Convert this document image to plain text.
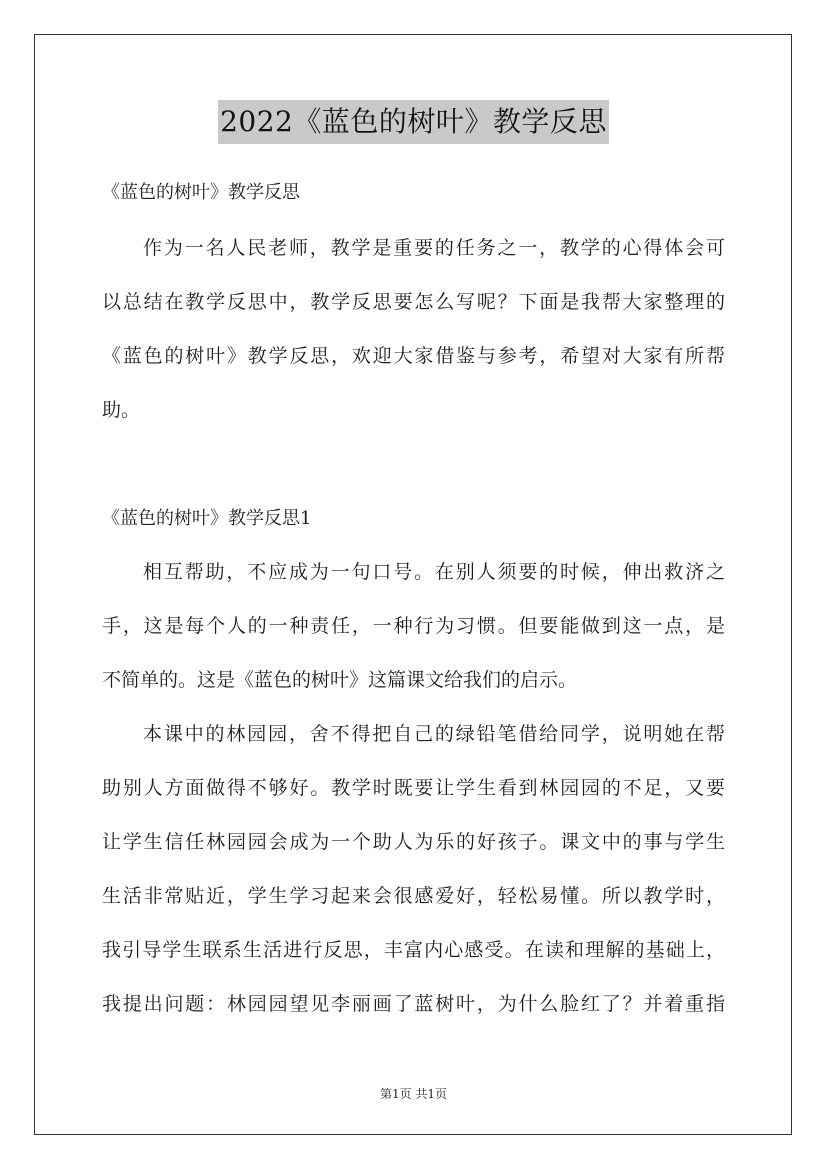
2022《蓝色的树叶》教学反思
《蓝色的树叶》教学反思
作为一名人民老师，教学是重要的任务之一，教学的心得体会可
以总结在教学反思中，教学反思要怎么写呢？下面是我帮大家整理的
《蓝色的树叶》教学反思，欢迎大家借鉴与参考，希望对大家有所帮
助。
《蓝色的树叶》教学反思1
相互帮助，不应成为一句口号。在别人须要的时候，伸出救济之
手，这是每个人的一种责任，一种行为习惯。但要能做到这一点，是
不简单的。这是《蓝色的树叶》这篇课文给我们的启示。
本课中的林园园，舍不得把自己的绿铅笔借给同学，说明她在帮
助别人方面做得不够好。教学时既要让学生看到林园园的不足，又要
让学生信任林园园会成为一个助人为乐的好孩子。课文中的事与学生
生活非常贴近，学生学习起来会很感爱好，轻松易懂。所以教学时，
我引导学生联系生活进行反思，丰富内心感受。在读和理解的基础上，
我提出问题：林园园望见李丽画了蓝树叶，为什么脸红了？并着重指
第1页 共1页
